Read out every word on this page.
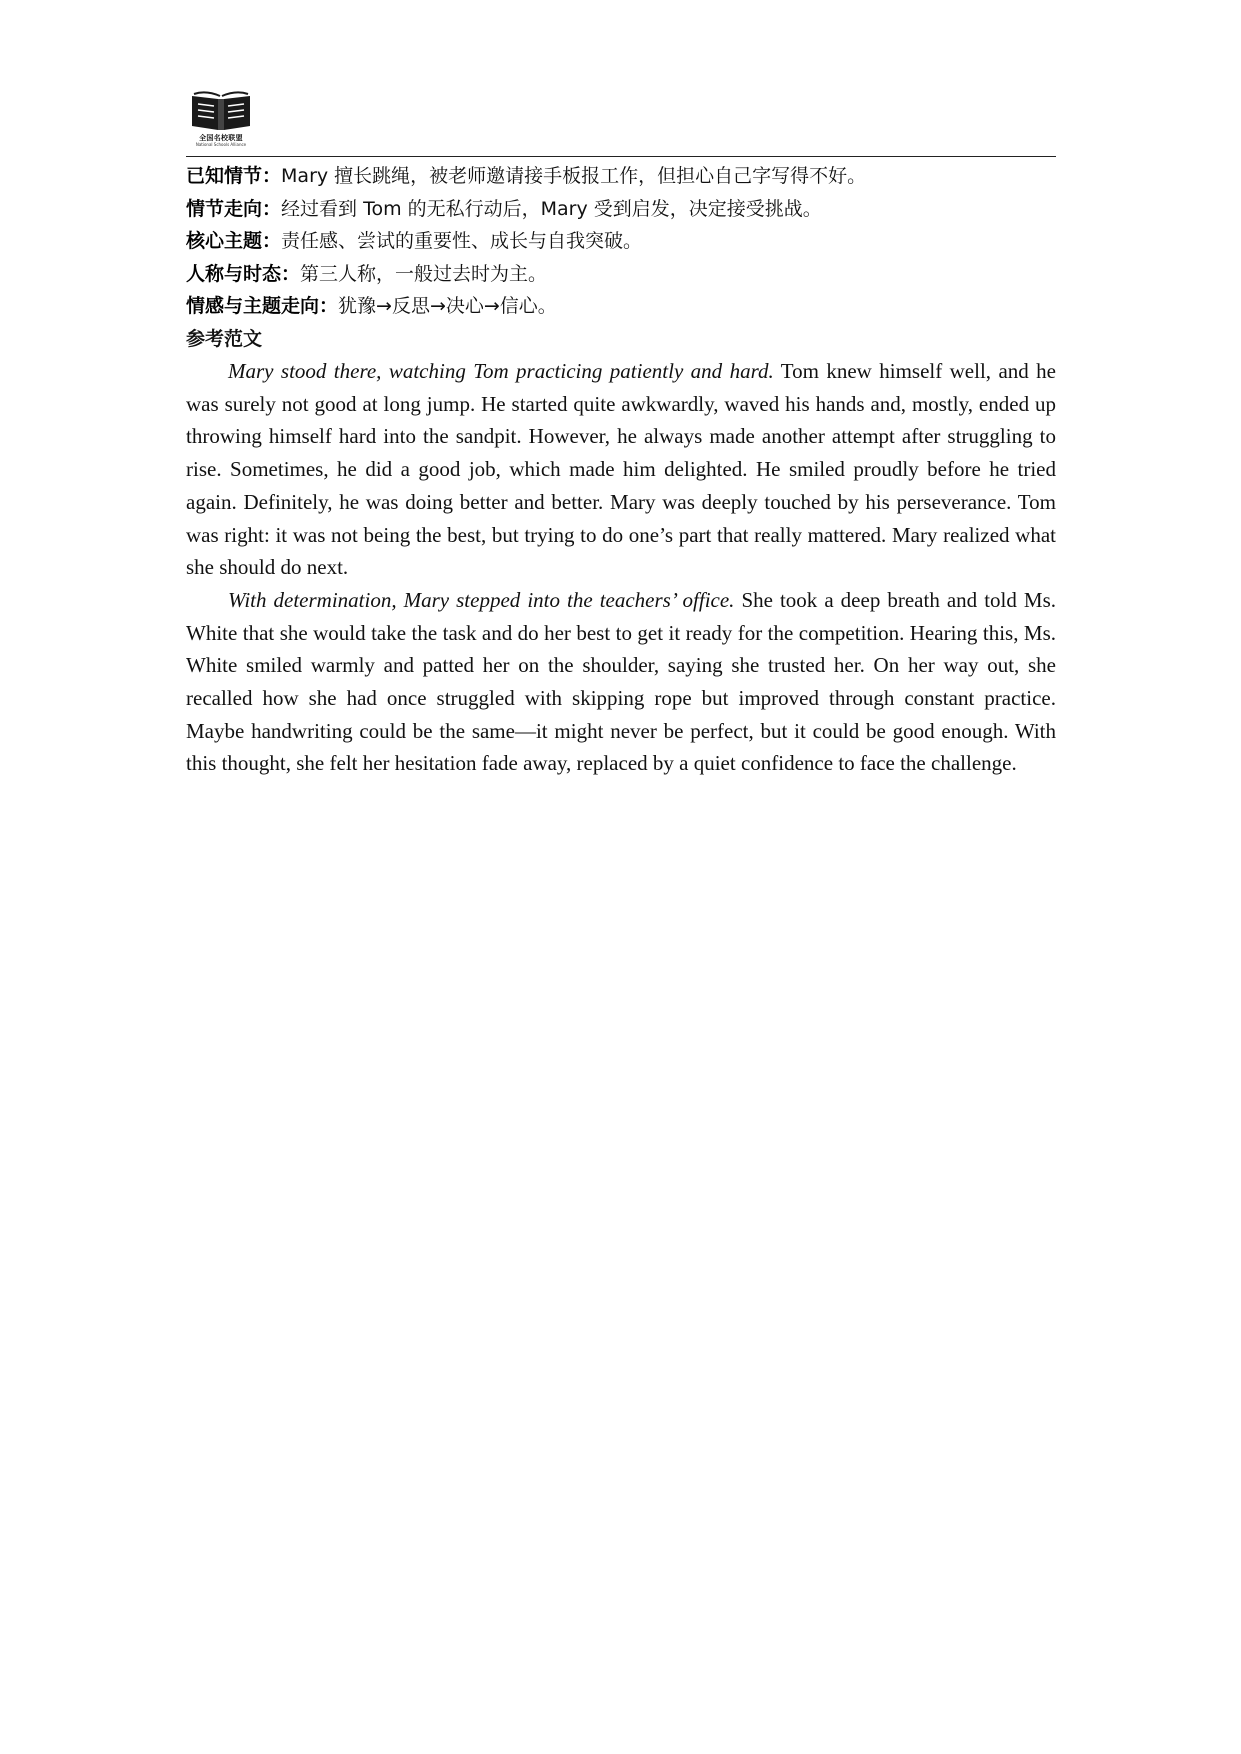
全国名校联盟
National Schools Alliance
已知情节：Mary 擅长跳绳，被老师邀请接手板报工作，但担心自己字写得不好。
情节走向：经过看到 Tom 的无私行动后，Mary 受到启发，决定接受挑战。
核心主题：责任感、尝试的重要性、成长与自我突破。
人称与时态：第三人称，一般过去时为主。
情感与主题走向：犹豫→反思→决心→信心。
参考范文

Mary stood there, watching Tom practicing patiently and hard. Tom knew himself well, and he was surely not good at long jump. He started quite awkwardly, waved his hands and, mostly, ended up throwing himself hard into the sandpit. However, he always made another attempt after struggling to rise. Sometimes, he did a good job, which made him delighted. He smiled proudly before he tried again. Definitely, he was doing better and better. Mary was deeply touched by his perseverance. Tom was right: it was not being the best, but trying to do one’s part that really mattered. Mary realized what she should do next.

With determination, Mary stepped into the teachers’ office. She took a deep breath and told Ms. White that she would take the task and do her best to get it ready for the competition. Hearing this, Ms. White smiled warmly and patted her on the shoulder, saying she trusted her. On her way out, she recalled how she had once struggled with skipping rope but improved through constant practice. Maybe handwriting could be the same—it might never be perfect, but it could be good enough. With this thought, she felt her hesitation fade away, replaced by a quiet confidence to face the challenge.
